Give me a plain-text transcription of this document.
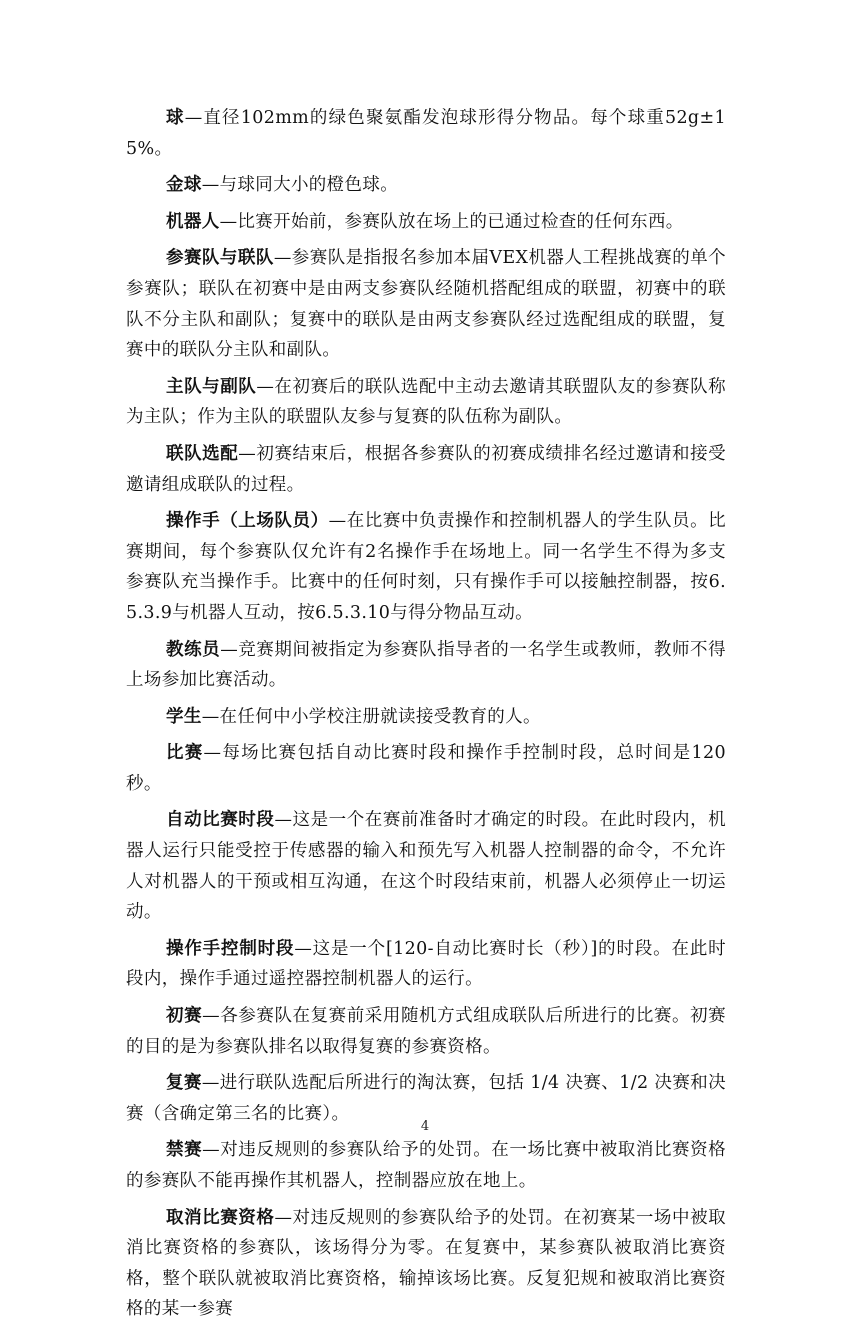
球—直径102mm的绿色聚氨酯发泡球形得分物品。每个球重52g±15%。

金球—与球同大小的橙色球。

机器人—比赛开始前，参赛队放在场上的已通过检查的任何东西。

参赛队与联队—参赛队是指报名参加本届VEX机器人工程挑战赛的单个参赛队；联队在初赛中是由两支参赛队经随机搭配组成的联盟，初赛中的联队不分主队和副队；复赛中的联队是由两支参赛队经过选配组成的联盟，复赛中的联队分主队和副队。

主队与副队—在初赛后的联队选配中主动去邀请其联盟队友的参赛队称为主队；作为主队的联盟队友参与复赛的队伍称为副队。

联队选配—初赛结束后，根据各参赛队的初赛成绩排名经过邀请和接受邀请组成联队的过程。

操作手（上场队员）—在比赛中负责操作和控制机器人的学生队员。比赛期间，每个参赛队仅允许有2名操作手在场地上。同一名学生不得为多支参赛队充当操作手。比赛中的任何时刻，只有操作手可以接触控制器，按6.5.3.9与机器人互动，按6.5.3.10与得分物品互动。

教练员—竞赛期间被指定为参赛队指导者的一名学生或教师，教师不得上场参加比赛活动。

学生—在任何中小学校注册就读接受教育的人。

比赛—每场比赛包括自动比赛时段和操作手控制时段，总时间是120秒。

自动比赛时段—这是一个在赛前准备时才确定的时段。在此时段内，机器人运行只能受控于传感器的输入和预先写入机器人控制器的命令，不允许人对机器人的干预或相互沟通，在这个时段结束前，机器人必须停止一切运动。

操作手控制时段—这是一个[120-自动比赛时长（秒）]的时段。在此时段内，操作手通过遥控器控制机器人的运行。

初赛—各参赛队在复赛前采用随机方式组成联队后所进行的比赛。初赛的目的是为参赛队排名以取得复赛的参赛资格。

复赛—进行联队选配后所进行的淘汰赛，包括 1/4 决赛、1/2 决赛和决赛（含确定第三名的比赛）。

禁赛—对违反规则的参赛队给予的处罚。在一场比赛中被取消比赛资格的参赛队不能再操作其机器人，控制器应放在地上。

取消比赛资格—对违反规则的参赛队给予的处罚。在初赛某一场中被取消比赛资格的参赛队，该场得分为零。在复赛中，某参赛队被取消比赛资格，整个联队就被取消比赛资格，输掉该场比赛。反复犯规和被取消比赛资格的某一参赛

4
